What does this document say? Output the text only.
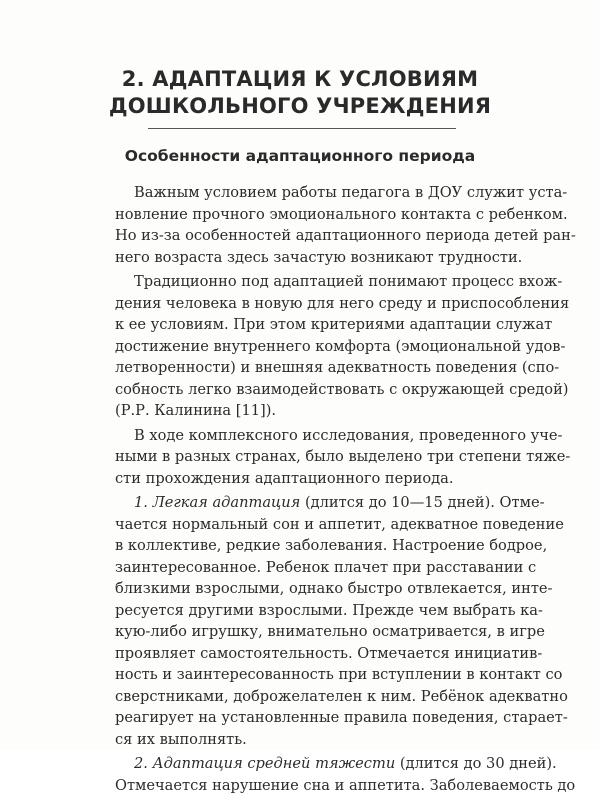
2. АДАПТАЦИЯ К УСЛОВИЯМ
ДОШКОЛЬНОГО УЧРЕЖДЕНИЯ
Особенности адаптационного периода
Важным условием работы педагога в ДОУ служит уста-
новление прочного эмоционального контакта с ребенком.
Но из-за особенностей адаптационного периода детей ран-
него возраста здесь зачастую возникают трудности.
Традиционно под адаптацией понимают процесс вхож-
дения человека в новую для него среду и приспособления
к ее условиям. При этом критериями адаптации служат
достижение внутреннего комфорта (эмоциональной удов-
летворенности) и внешняя адекватность поведения (спо-
собность легко взаимодействовать с окружающей средой)
(Р.Р. Калинина [11]).
В ходе комплексного исследования, проведенного уче-
ными в разных странах, было выделено три степени тяже-
сти прохождения адаптационного периода.
1. Легкая адаптация (длится до 10—15 дней). Отме-
чается нормальный сон и аппетит, адекватное поведение
в коллективе, редкие заболевания. Настроение бодрое,
заинтересованное. Ребенок плачет при расставании с
близкими взрослыми, однако быстро отвлекается, инте-
ресуется другими взрослыми. Прежде чем выбрать ка-
кую-либо игрушку, внимательно осматривается, в игре
проявляет самостоятельность. Отмечается инициатив-
ность и заинтересованность при вступлении в контакт со
сверстниками, доброжелателен к ним. Ребёнок адекватно
реагирует на установленные правила поведения, старает-
ся их выполнять.
2. Адаптация средней тяжести (длится до 30 дней).
Отмечается нарушение сна и аппетита. Заболеваемость до
